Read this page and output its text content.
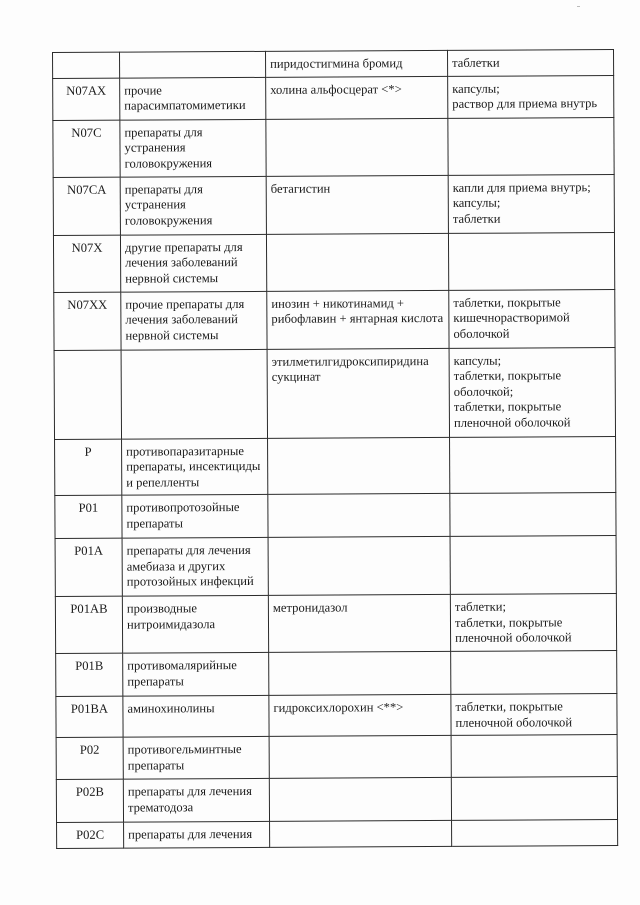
		пиридостигмина бромид	таблетки

N07AX	прочие
парасимпатомиметики	холина альфосцерат <*>	капсулы;
раствор для приема внутрь

N07C	препараты для
устранения
головокружения		

N07CA	препараты для
устранения
головокружения	бетагистин	капли для приема внутрь;
капсулы;
таблетки

N07X	другие препараты для
лечения заболеваний
нервной системы		

N07XX	прочие препараты для
лечения заболеваний
нервной системы	инозин + никотинамид +
рибофлавин + янтарная кислота	таблетки, покрытые
кишечнорастворимой
оболочкой

		этилметилгидроксипиридина
сукцинат	капсулы;
таблетки, покрытые
оболочкой;
таблетки, покрытые
пленочной оболочкой

P	противопаразитарные
препараты, инсектициды
и репелленты		

P01	противопротозойные
препараты		

P01A	препараты для лечения
амебиаза и других
протозойных инфекций		

P01AB	производные
нитроимидазола	метронидазол	таблетки;
таблетки, покрытые
пленочной оболочкой

P01B	противомалярийные
препараты		

P01BA	аминохинолины	гидроксихлорохин <**>	таблетки, покрытые
пленочной оболочкой

P02	противогельминтные
препараты		

P02B	препараты для лечения
трематодоза		

P02C	препараты для лечения		
